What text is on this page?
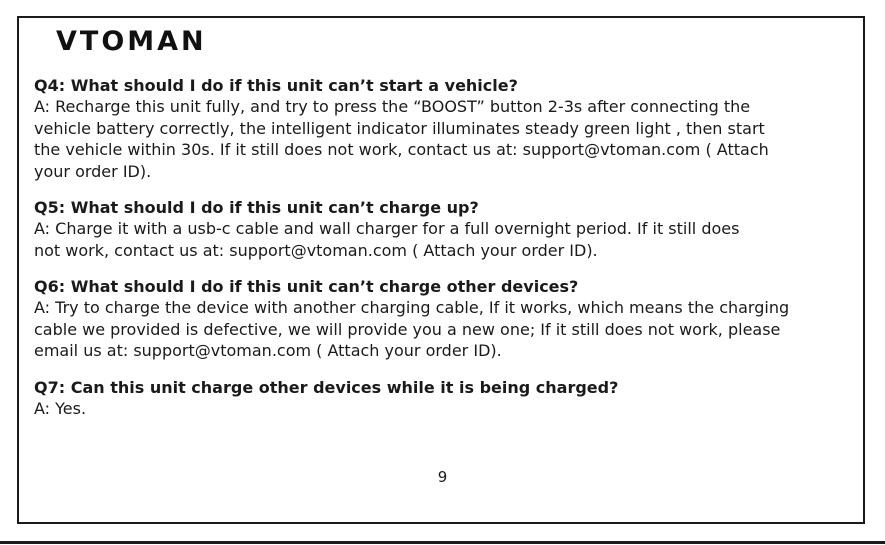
VTOMAN

Q4: What should I do if this unit can’t start a vehicle?

A: Recharge this unit fully, and try to press the “BOOST” button 2-3s after connecting the
vehicle battery correctly, the intelligent indicator illuminates steady green light , then start
the vehicle within 30s. If it still does not work, contact us at: support@vtoman.com ( Attach
your order ID).

Q5: What should I do if this unit can’t charge up?

A: Charge it with a usb-c cable and wall charger for a full overnight period. If it still does
not work, contact us at: support@vtoman.com ( Attach your order ID).

Q6: What should I do if this unit can’t charge other devices?

A: Try to charge the device with another charging cable, If it works, which means the charging
cable we provided is defective, we will provide you a new one; If it still does not work, please
email us at: support@vtoman.com ( Attach your order ID).

Q7: Can this unit charge other devices while it is being charged?

A: Yes.
9
